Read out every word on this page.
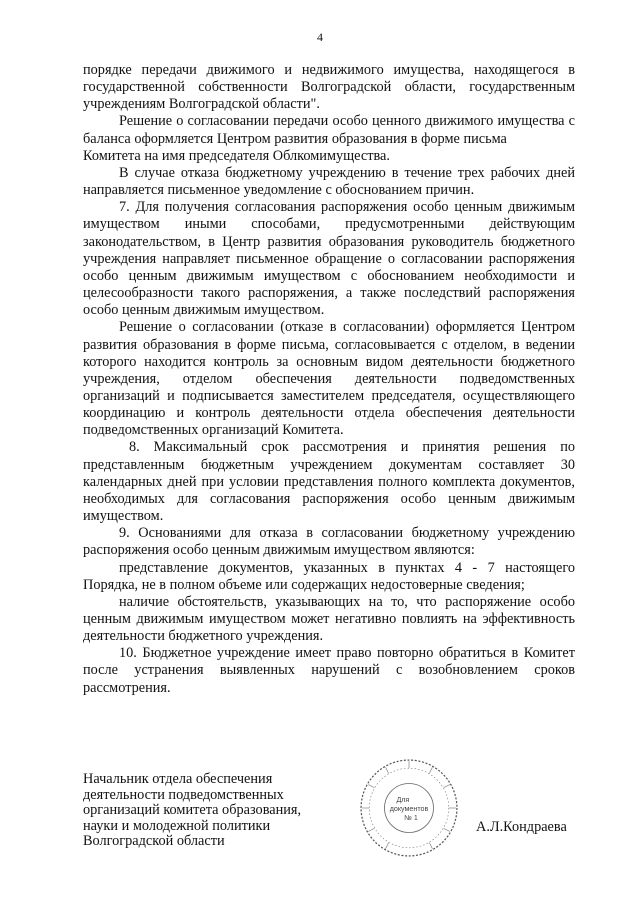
4

порядке передачи движимого и недвижимого имущества, находящегося в государственной собственности Волгоградской области, государственным учреждениям Волгоградской области".

Решение о согласовании передачи особо ценного движимого имущества с баланса оформляется Центром развития образования в форме письма

Комитета на имя председателя Облкомимущества.

В случае отказа бюджетному учреждению в течение трех рабочих дней направляется письменное уведомление с обоснованием причин.

7. Для получения согласования распоряжения особо ценным движимым имуществом иными способами, предусмотренными действующим законодательством, в Центр развития образования руководитель бюджетного учреждения направляет письменное обращение о согласовании распоряжения особо ценным движимым имуществом с обоснованием необходимости и целесообразности такого распоряжения, а также последствий распоряжения особо ценным движимым имуществом.

Решение о согласовании (отказе в согласовании) оформляется Центром развития образования в форме письма, согласовывается с отделом, в ведении которого находится контроль за основным видом деятельности бюджетного учреждения, отделом обеспечения деятельности подведомственных организаций и подписывается заместителем председателя, осуществляющего координацию и контроль деятельности отдела обеспечения деятельности подведомственных организаций Комитета.

8. Максимальный срок рассмотрения и принятия решения по представленным бюджетным учреждением документам составляет 30 календарных дней при условии представления полного комплекта документов, необходимых для согласования распоряжения особо ценным движимым имуществом.

9. Основаниями для отказа в согласовании бюджетному учреждению распоряжения особо ценным движимым имуществом являются:

представление документов, указанных в пунктах 4 - 7 настоящего Порядка, не в полном объеме или содержащих недостоверные сведения;

наличие обстоятельств, указывающих на то, что распоряжение особо ценным движимым имуществом может негативно повлиять на эффективность деятельности бюджетного учреждения.

10. Бюджетное учреждение имеет право повторно обратиться в Комитет после устранения выявленных нарушений с возобновлением сроков рассмотрения.

Начальник отдела обеспечения
деятельности подведомственных
организаций комитета образования,
науки и молодежной политики
Волгоградской области
Для
документов
№ 1
А.Л.Кондраева
